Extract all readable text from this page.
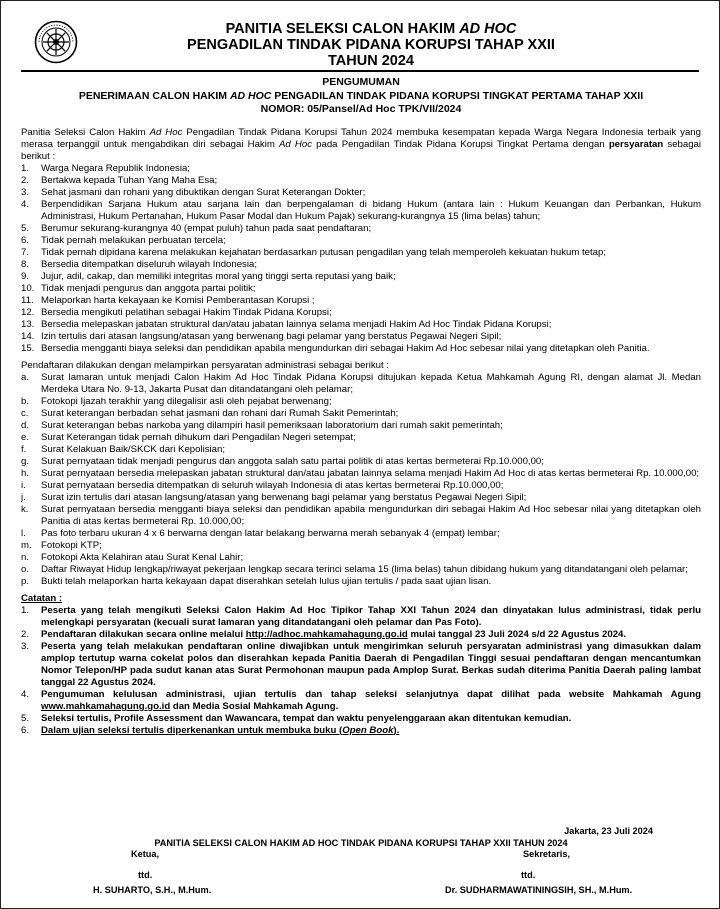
PANITIA SELEKSI CALON HAKIM AD HOC
PENGADILAN TINDAK PIDANA KORUPSI TAHAP XXII
TAHUN 2024
PENGUMUMAN
PENERIMAAN CALON HAKIM AD HOC PENGADILAN TINDAK PIDANA KORUPSI TINGKAT PERTAMA TAHAP XXII
NOMOR: 05/Pansel/Ad Hoc TPK/VII/2024
Panitia Seleksi Calon Hakim Ad Hoc Pengadilan Tindak Pidana Korupsi Tahun 2024 membuka kesempatan kepada Warga Negara Indonesia terbaik yang merasa terpanggil untuk mengabdikan diri sebagai Hakim Ad Hoc pada Pengadilan Tindak Pidana Korupsi Tingkat Pertama dengan persyaratan sebagai berikut :
1.	Warga Negara Republik Indonesia;
2.	Bertakwa kepada Tuhan Yang Maha Esa;
3.	Sehat jasmani dan rohani yang dibuktikan dengan Surat Keterangan Dokter;
4.	Berpendidikan Sarjana Hukum atau sarjana lain dan berpengalaman di bidang Hukum (antara lain : Hukum Keuangan dan Perbankan, Hukum Administrasi, Hukum Pertanahan, Hukum Pasar Modal dan Hukum Pajak) sekurang-kurangnya 15 (lima belas) tahun;
5.	Berumur sekurang-kurangnya 40 (empat puluh) tahun pada saat pendaftaran;
6.	Tidak pernah melakukan perbuatan tercela;
7.	Tidak pernah dipidana karena melakukan kejahatan berdasarkan putusan pengadilan yang telah memperoleh kekuatan hukum tetap;
8.	Bersedia ditempatkan diseluruh wilayah Indonesia;
9.	Jujur, adil, cakap, dan memiliki integritas moral yang tinggi serta reputasi yang baik;
10. Tidak menjadi pengurus dan anggota partai politik;
11. Melaporkan harta kekayaan ke Komisi Pemberantasan Korupsi ;
12. Bersedia mengikuti pelatihan sebagai Hakim Tindak Pidana Korupsi;
13. Bersedia melepaskan jabatan struktural dan/atau jabatan lainnya selama menjadi Hakim Ad Hoc Tindak Pidana Korupsi;
14. Izin tertulis dari atasan langsung/atasan yang berwenang bagi pelamar yang berstatus Pegawai Negeri Sipil;
15. Bersedia mengganti biaya seleksi dan pendidikan apabila mengundurkan diri sebagai Hakim Ad Hoc sebesar nilai yang ditetapkan oleh Panitia.
Pendaftaran dilakukan dengan melampirkan persyaratan administrasi sebagai berikut :
a.	Surat lamaran untuk menjadi Calon Hakim Ad Hoc Tindak Pidana Korupsi ditujukan kepada Ketua Mahkamah Agung RI, dengan alamat Jl. Medan Merdeka Utara No. 9-13, Jakarta Pusat dan ditandatangani oleh pelamar;
b.	Fotokopi Ijazah terakhir yang dilegalisir asli oleh pejabat berwenang;
c.	Surat keterangan berbadan sehat jasmani dan rohani dari Rumah Sakit Pemerintah;
d.	Surat keterangan bebas narkoba yang dilampiri hasil pemeriksaan laboratorium dari rumah sakit pemerintah;
e.	Surat Keterangan tidak pernah dihukum dari Pengadilan Negeri setempat;
f.	Surat Kelakuan Baik/SKCK dari Kepolisian;
g.	Surat pernyataan tidak menjadi pengurus dan anggota salah satu partai politik di atas kertas bermeterai Rp.10.000,00;
h.	Surat pernyataan bersedia melepaskan jabatan struktural dan/atau jabatan lainnya selama menjadi Hakim Ad Hoc di atas kertas bermeterai Rp. 10.000,00;
i.	Surat pernyataan bersedia ditempatkan di seluruh wilayah Indonesia di atas kertas bermeterai Rp.10.000,00;
j.	Surat izin tertulis dari atasan langsung/atasan yang berwenang bagi pelamar yang berstatus Pegawai Negeri Sipil;
k.	Surat pernyataan bersedia mengganti biaya seleksi dan pendidikan apabila mengundurkan diri sebagai Hakim Ad Hoc sebesar nilai yang ditetapkan oleh Panitia di atas kertas bermeterai Rp. 10.000,00;
l.	Pas foto terbaru ukuran 4 x 6 berwarna dengan latar belakang berwarna merah sebanyak 4 (empat) lembar;
m. Fotokopi KTP;
n.	Fotokopi Akta Kelahiran atau Surat Kenal Lahir;
o.	Daftar Riwayat Hidup lengkap/riwayat pekerjaan lengkap secara terinci selama 15 (lima belas) tahun dibidang hukum yang ditandatangani oleh pelamar;
p.	Bukti telah melaporkan harta kekayaan dapat diserahkan setelah lulus ujian tertulis / pada saat ujian lisan.
Catatan :
1.	Peserta yang telah mengikuti Seleksi Calon Hakim Ad Hoc Tipikor Tahap XXI Tahun 2024 dan dinyatakan lulus administrasi, tidak perlu melengkapi persyaratan (kecuali surat lamaran yang ditandatangani oleh pelamar dan Pas Foto).
2.	Pendaftaran dilakukan secara online melalui http://adhoc.mahkamahagung.go.id mulai tanggal 23 Juli 2024 s/d 22 Agustus 2024.
3.	Peserta yang telah melakukan pendaftaran online diwajibkan untuk mengirimkan seluruh persyaratan administrasi yang dimasukkan dalam amplop tertutup warna cokelat polos dan diserahkan kepada Panitia Daerah di Pengadilan Tinggi sesuai pendaftaran dengan mencantumkan Nomor Telepon/HP pada sudut kanan atas Surat Permohonan maupun pada Amplop Surat. Berkas sudah diterima Panitia Daerah paling lambat tanggal 22 Agustus 2024.
4.	Pengumuman kelulusan administrasi, ujian tertulis dan tahap seleksi selanjutnya dapat dilihat pada website Mahkamah Agung www.mahkamahagung.go.id dan Media Sosial Mahkamah Agung.
5.	Seleksi tertulis, Profile Assessment dan Wawancara, tempat dan waktu penyelenggaraan akan ditentukan kemudian.
6.	Dalam ujian seleksi tertulis diperkenankan untuk membuka buku (Open Book).
Jakarta, 23 Juli 2024
PANITIA SELEKSI CALON HAKIM AD HOC TINDAK PIDANA KORUPSI TAHAP XXII TAHUN 2024
Ketua,	Sekretaris,
ttd.	ttd.
H. SUHARTO, S.H., M.Hum.	Dr. SUDHARMAWATININGSIH, SH., M.Hum.
